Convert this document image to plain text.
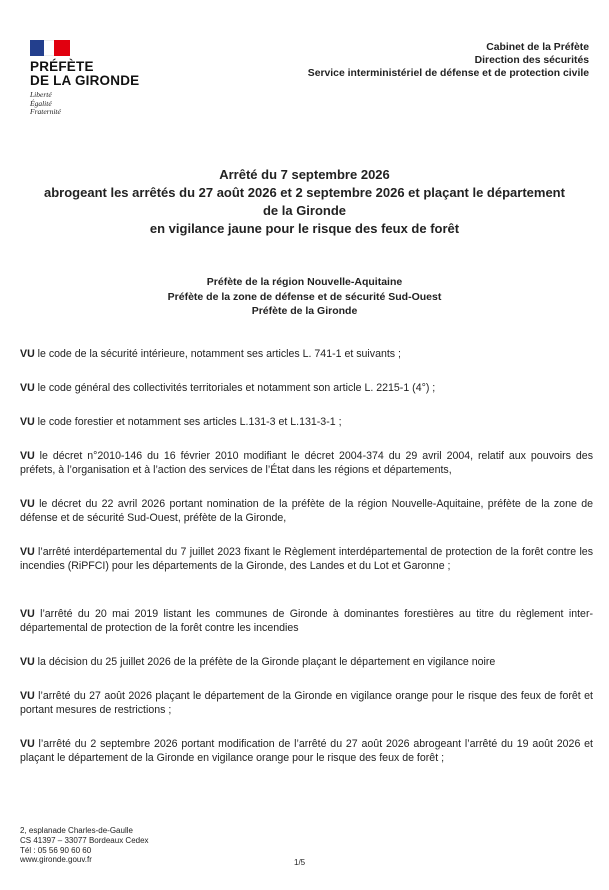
PRÉFÈTE
DE LA GIRONDE
Liberté
Égalité
Fraternité
Cabinet de la Préfète
Direction des sécurités
Service interministériel de défense et de protection civile
Arrêté du 7 septembre 2026
abrogeant les arrêtés du 27 août 2026 et 2 septembre 2026 et plaçant le département
de la Gironde
en vigilance jaune pour le risque des feux de forêt
Préfète de la région Nouvelle-Aquitaine
Préfète de la zone de défense et de sécurité Sud-Ouest
Préfète de la Gironde

VU le code de la sécurité intérieure, notamment ses articles L. 741-1 et suivants ;

VU le code général des collectivités territoriales et notamment son article L. 2215-1 (4°) ;

VU le code forestier et notamment ses articles L.131-3 et L.131-3-1 ;

VU le décret n°2010-146 du 16 février 2010 modifiant le décret 2004-374 du 29 avril 2004, relatif aux pouvoirs des préfets, à l’organisation et à l’action des services de l’État dans les régions et départements,

VU le décret du 22 avril 2026 portant nomination de la préfète de la région Nouvelle-Aquitaine, préfète de la zone de défense et de sécurité Sud-Ouest, préfète de la Gironde,

VU l’arrêté interdépartemental du 7 juillet 2023 fixant le Règlement interdépartemental de protection de la forêt contre les incendies (RiPFCI) pour les départements de la Gironde, des Landes et du Lot et Garonne ;

VU l’arrêté du 20 mai 2019 listant les communes de Gironde à dominantes forestières au titre du règlement inter-départemental de protection de la forêt contre les incendies

VU la décision du 25 juillet 2026 de la préfète de la Gironde plaçant le département en vigilance noire

VU l’arrêté du 27 août 2026 plaçant le département de la Gironde en vigilance orange pour le risque des feux de forêt et portant mesures de restrictions ;

VU l’arrêté du 2 septembre 2026 portant modification de l’arrêté du 27 août 2026 abrogeant l’arrêté du 19 août 2026 et plaçant le département de la Gironde en vigilance orange pour le risque des feux de forêt ;

2, esplanade Charles-de-Gaulle
CS 41397 – 33077 Bordeaux Cedex
Tél : 05 56 90 60 60
www.gironde.gouv.fr	1/5
